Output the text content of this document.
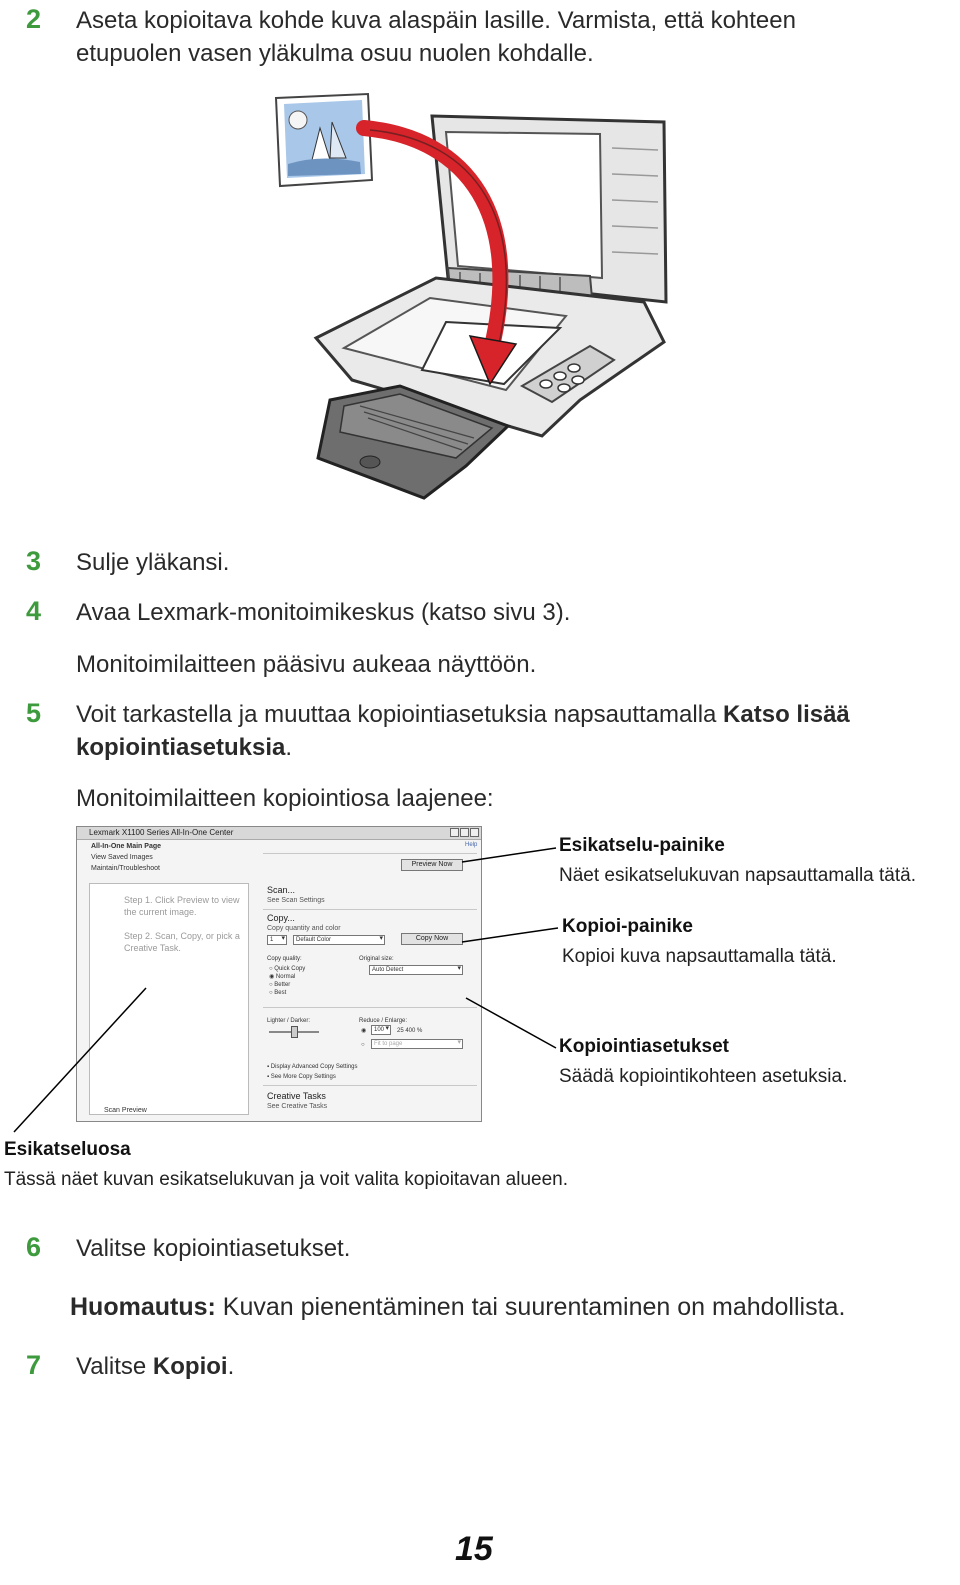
2 Aseta kopioitava kohde kuva alaspäin lasille. Varmista, että kohteen
etupuolen vasen yläkulma osuu nuolen kohdalle.
3 Sulje yläkansi.
4 Avaa Lexmark-monitoimikeskus (katso sivu 3).
Monitoimilaitteen pääsivu aukeaa näyttöön.
5 Voit tarkastella ja muuttaa kopiointiasetuksia napsauttamalla Katso lisää
kopiointiasetuksia.
Monitoimilaitteen kopiointiosa laajenee:
Lexmark X1100 Series All-In-One Center
All-In-One Main Page
View Saved Images
Maintain/Troubleshoot
Help
Step 1. Click Preview to view the current image.
Step 2. Scan, Copy, or pick a Creative Task.
Scan Preview
Preview Now
Scan...
See Scan Settings
Copy...
Copy quantity and color
1 ▾	Default Color ▾	Copy Now
Copy quality:
○ Quick Copy
◉ Normal
○ Better
○ Best
Original size:
Auto Detect ▾
Lighter / Darker:	Reduce / Enlarge:
◉	100 ▾	25 400 %
○	Fit to page ▾
▪ Display Advanced Copy Settings
▪ See More Copy Settings
Creative Tasks
See Creative Tasks
Esikatselu-painike
Näet esikatselukuvan napsauttamalla tätä.
Kopioi-painike
Kopioi kuva napsauttamalla tätä.
Kopiointiasetukset
Säädä kopiointikohteen asetuksia.
Esikatseluosa
Tässä näet kuvan esikatselukuvan ja voit valita kopioitavan alueen.
6 Valitse kopiointiasetukset.
Huomautus: Kuvan pienentäminen tai suurentaminen on mahdollista.
7 Valitse Kopioi.
15
